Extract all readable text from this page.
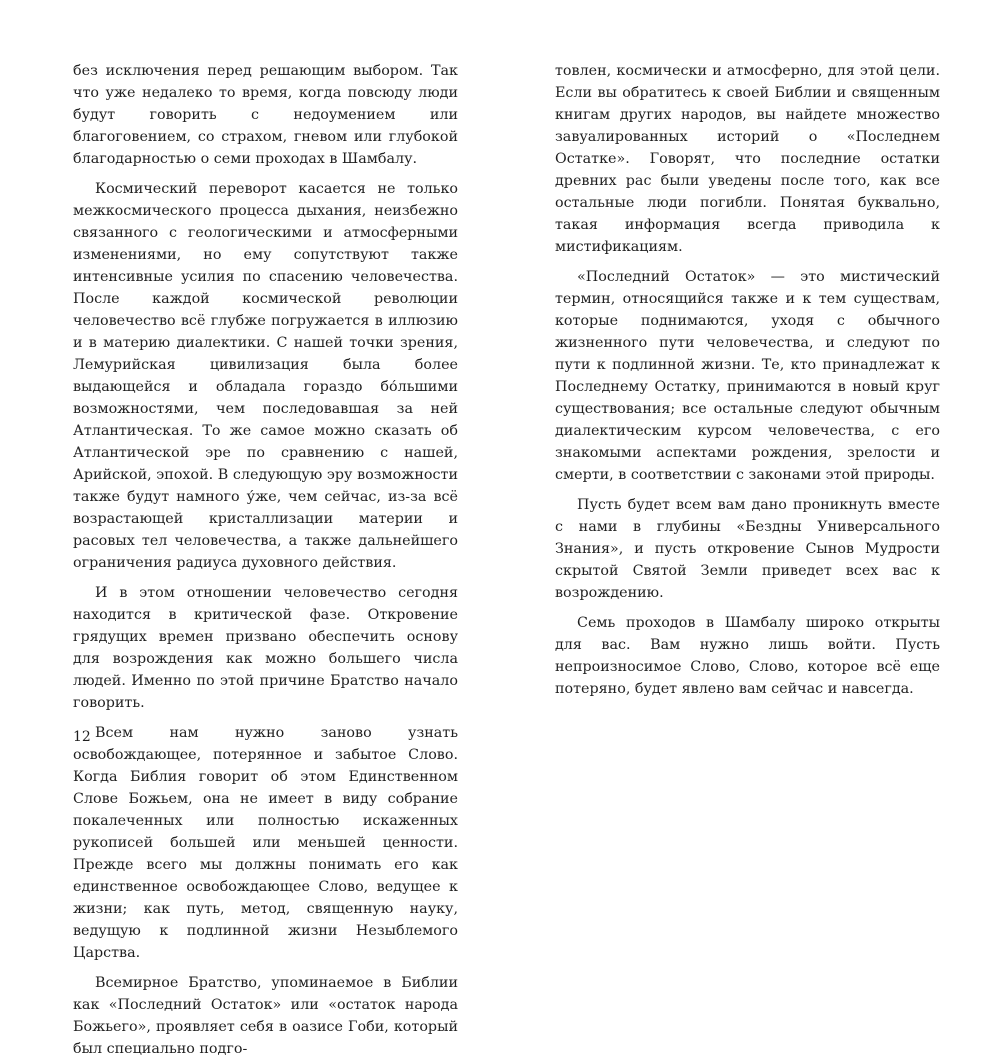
без исключения перед решающим выбором. Так что уже недалеко то время, когда повсюду люди будут говорить с недоумением или благоговением, со страхом, гневом или глубокой благодарностью о семи проходах в Шамбалу.

Космический переворот касается не только межкосмического процесса дыхания, неизбежно связанного с геологическими и атмосферными изменениями, но ему сопутствуют также интенсивные усилия по спасению человечества. После каждой космической революции человечество всё глубже погружается в иллюзию и в материю диалектики. С нашей точки зрения, Лемурийская цивилизация была более выдающейся и обладала гораздо бо́льшими возможностями, чем последовавшая за ней Атлантическая. То же самое можно сказать об Атлантической эре по сравнению с нашей, Арийской, эпохой. В следующую эру возможности также будут намного у́же, чем сейчас, из-за всё возрастающей кристаллизации материи и расовых тел человечества, а также дальнейшего ограничения радиуса духовного действия.

И в этом отношении человечество сегодня находится в критической фазе. Откровение грядущих времен призвано обеспечить основу для возрождения как можно большего числа людей. Именно по этой причине Братство начало говорить.

Всем нам нужно заново узнать освобождающее, потерянное и забытое Слово. Когда Библия говорит об этом Единственном Слове Божьем, она не имеет в виду собрание покалеченных или полностью искаженных рукописей большей или меньшей ценности. Прежде всего мы должны понимать его как единственное освобождающее Слово, ведущее к жизни; как путь, метод, священную науку, ведущую к подлинной жизни Незыблемого Царства.

Всемирное Братство, упоминаемое в Библии как «Последний Остаток» или «остаток народа Божьего», проявляет себя в оазисе Гоби, который был специально подго-

12

товлен, космически и атмосферно, для этой цели. Если вы обратитесь к своей Библии и священным книгам других народов, вы найдете множество завуалированных историй о «Последнем Остатке». Говорят, что последние остатки древних рас были уведены после того, как все остальные люди погибли. Понятая буквально, такая информация всегда приводила к мистификациям.

«Последний Остаток» — это мистический термин, относящийся также и к тем существам, которые поднимаются, уходя с обычного жизненного пути человечества, и следуют по пути к подлинной жизни. Те, кто принадлежат к Последнему Остатку, принимаются в новый круг существования; все остальные следуют обычным диалектическим курсом человечества, с его знакомыми аспектами рождения, зрелости и смерти, в соответствии с законами этой природы.

Пусть будет всем вам дано проникнуть вместе с нами в глубины «Бездны Универсального Знания», и пусть откровение Сынов Мудрости скрытой Святой Земли приведет всех вас к возрождению.

Семь проходов в Шамбалу широко открыты для вас. Вам нужно лишь войти. Пусть непроизносимое Слово, Слово, которое всё еще потеряно, будет явлено вам сейчас и навсегда.
